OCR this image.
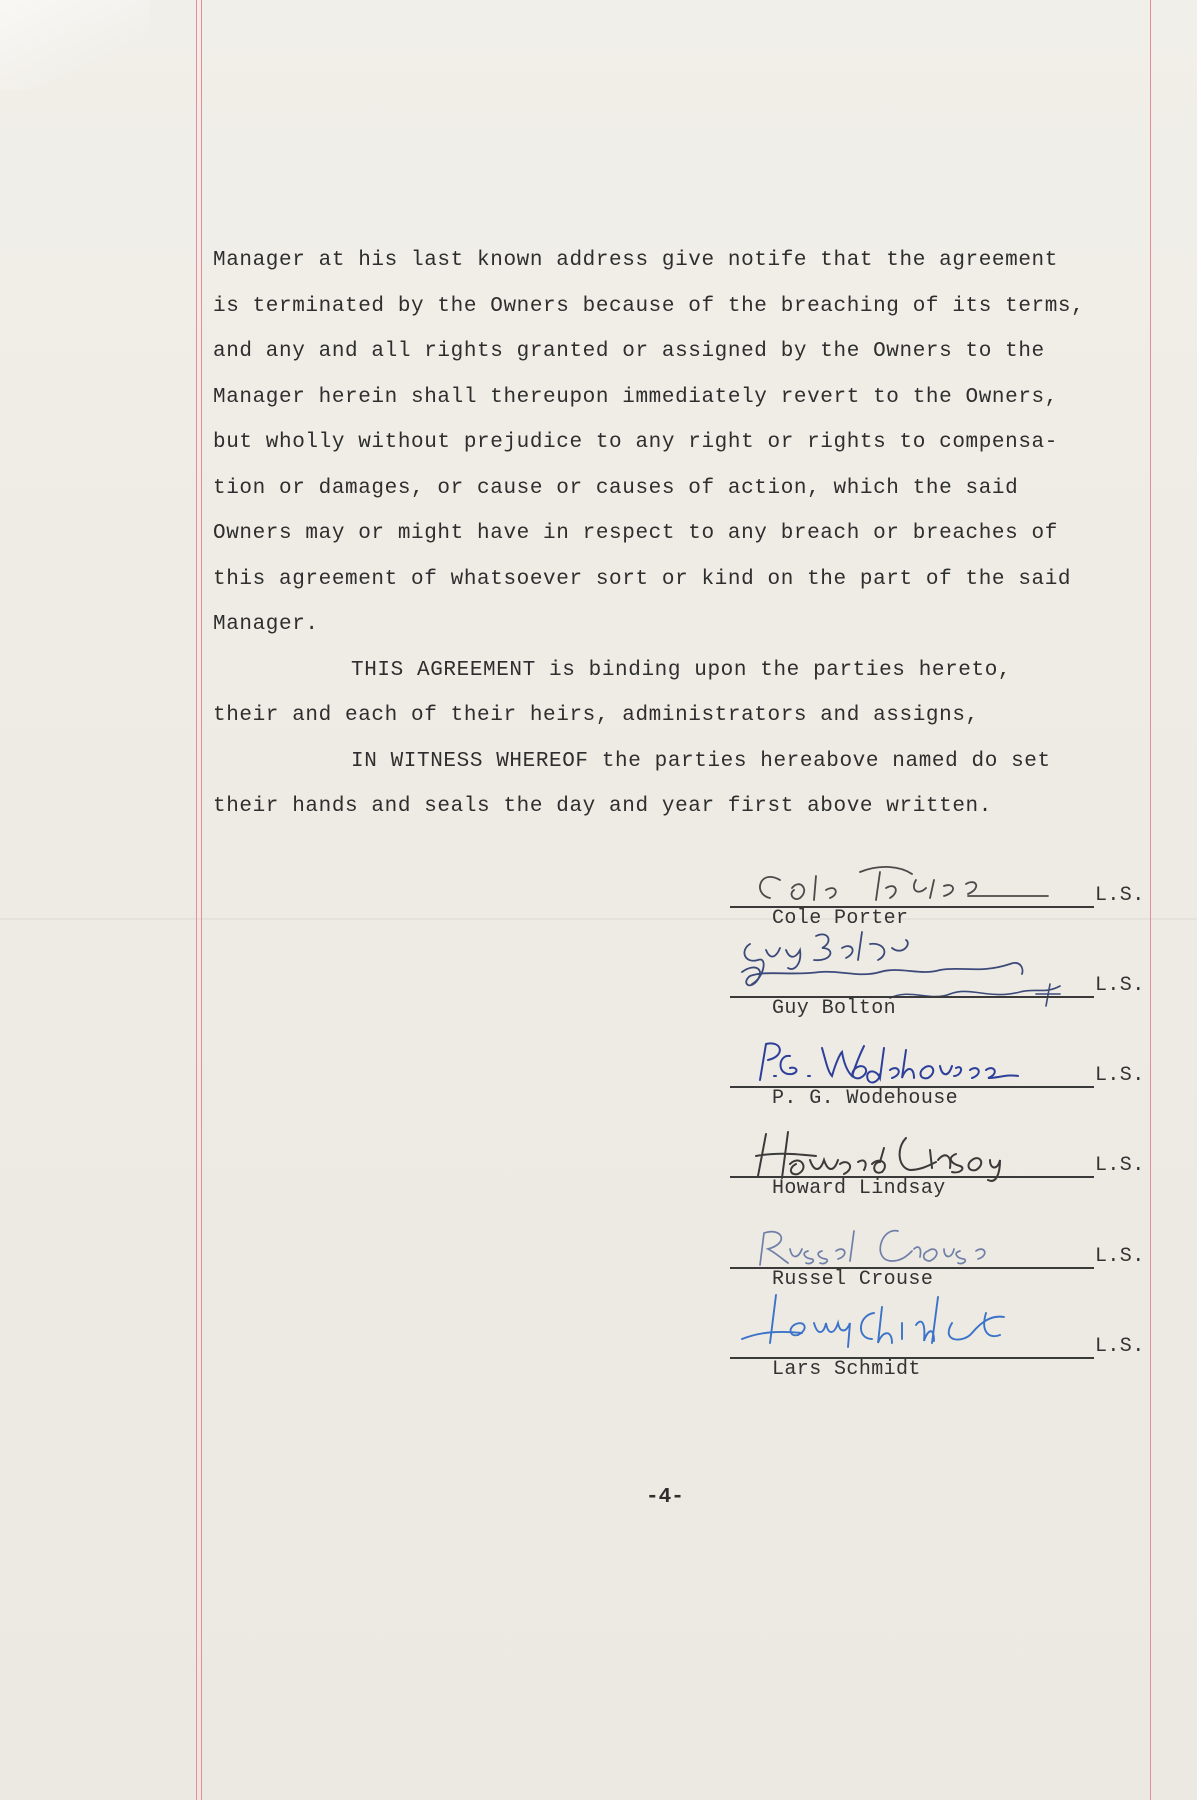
Manager at his last known address give notife that the agreement
is terminated by the Owners because of the breaching of its terms,
and any and all rights granted or assigned by the Owners to the
Manager herein shall thereupon immediately revert to the Owners,
but wholly without prejudice to any right or rights to compensa-
tion or damages, or cause or causes of action, which the said
Owners may or might have in respect to any breach or breaches of
this agreement of whatsoever sort or kind on the part of the said
Manager.
THIS AGREEMENT is binding upon the parties hereto,
their and each of their heirs, administrators and assigns,
IN WITNESS WHEREOF the parties hereabove named do set
their hands and seals the day and year first above written.
Cole Porter
L.S.
Guy Bolton
L.S.
P. G. Wodehouse
L.S.
Howard Lindsay
L.S.
Russel Crouse
L.S.
Lars Schmidt
L.S.
-4-
